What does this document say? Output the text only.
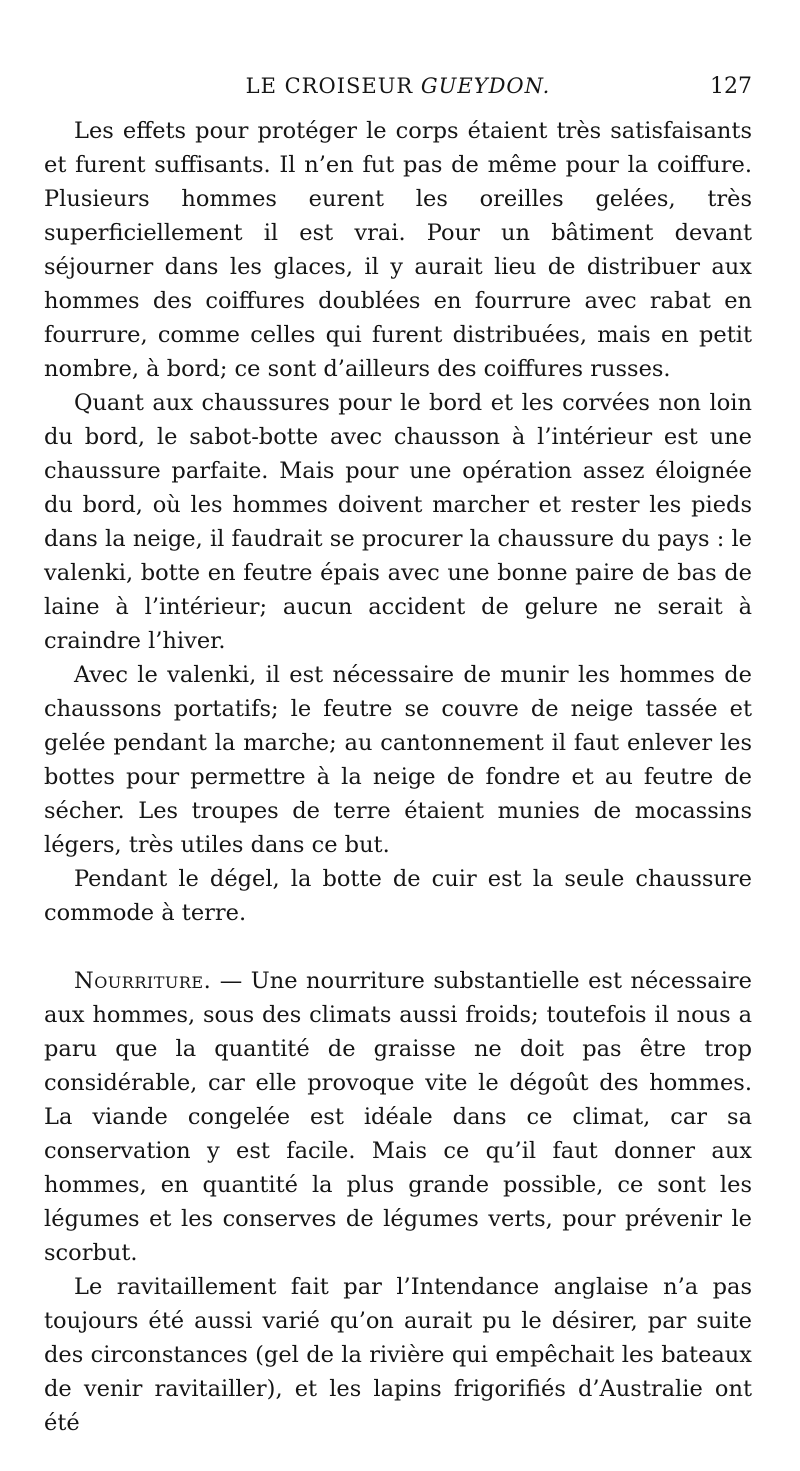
LE CROISEUR GUEYDON.	127

Les effets pour protéger le corps étaient très satisfaisants et furent suffisants. Il n’en fut pas de même pour la coiffure. Plusieurs hommes eurent les oreilles gelées, très superficiellement il est vrai. Pour un bâtiment devant séjourner dans les glaces, il y aurait lieu de distribuer aux hommes des coiffures doublées en fourrure avec rabat en fourrure, comme celles qui furent distribuées, mais en petit nombre, à bord; ce sont d’ailleurs des coiffures russes.

Quant aux chaussures pour le bord et les corvées non loin du bord, le sabot-botte avec chausson à l’intérieur est une chaussure parfaite. Mais pour une opération assez éloignée du bord, où les hommes doivent marcher et rester les pieds dans la neige, il faudrait se procurer la chaussure du pays : le valenki, botte en feutre épais avec une bonne paire de bas de laine à l’intérieur; aucun accident de gelure ne serait à craindre l’hiver.

Avec le valenki, il est nécessaire de munir les hommes de chaussons portatifs; le feutre se couvre de neige tassée et gelée pendant la marche; au cantonnement il faut enlever les bottes pour permettre à la neige de fondre et au feutre de sécher. Les troupes de terre étaient munies de mocassins légers, très utiles dans ce but.

Pendant le dégel, la botte de cuir est la seule chaussure commode à terre.

Nourriture. — Une nourriture substantielle est nécessaire aux hommes, sous des climats aussi froids; toutefois il nous a paru que la quantité de graisse ne doit pas être trop considérable, car elle provoque vite le dégoût des hommes. La viande congelée est idéale dans ce climat, car sa conservation y est facile. Mais ce qu’il faut donner aux hommes, en quantité la plus grande possible, ce sont les légumes et les conserves de légumes verts, pour prévenir le scorbut.

Le ravitaillement fait par l’Intendance anglaise n’a pas toujours été aussi varié qu’on aurait pu le désirer, par suite des circonstances (gel de la rivière qui empêchait les bateaux de venir ravitailler), et les lapins frigorifiés d’Australie ont été
